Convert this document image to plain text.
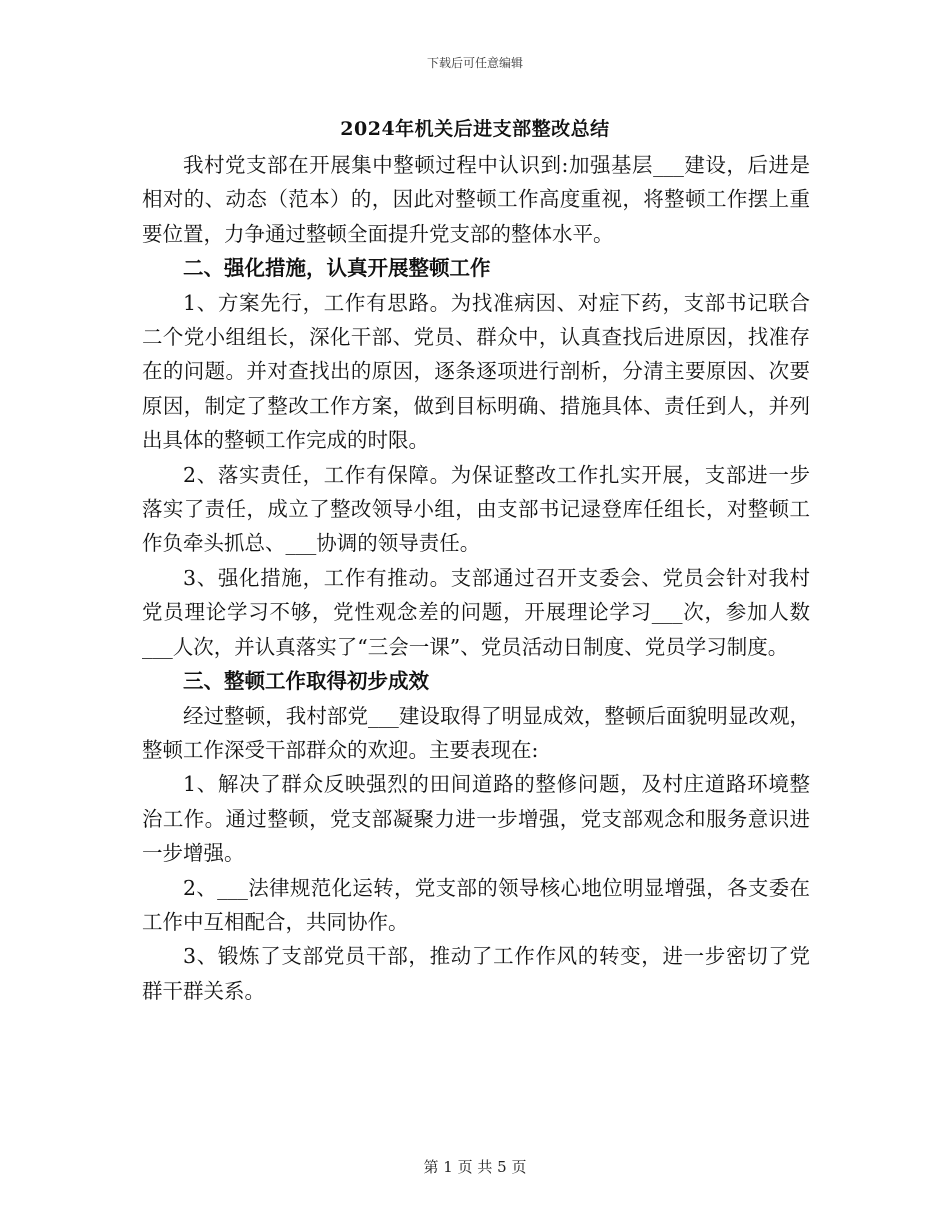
下载后可任意编辑
2024年机关后进支部整改总结

我村党支部在开展集中整顿过程中认识到:加强基层___建设，后进是相对的、动态（范本）的，因此对整顿工作高度重视，将整顿工作摆上重要位置，力争通过整顿全面提升党支部的整体水平。

二、强化措施，认真开展整顿工作

1、方案先行，工作有思路。为找准病因、对症下药，支部书记联合二个党小组组长，深化干部、党员、群众中，认真查找后进原因，找准存在的问题。并对查找出的原因，逐条逐项进行剖析，分清主要原因、次要原因，制定了整改工作方案，做到目标明确、措施具体、责任到人，并列出具体的整顿工作完成的时限。

2、落实责任，工作有保障。为保证整改工作扎实开展，支部进一步落实了责任，成立了整改领导小组，由支部书记逯登库任组长，对整顿工作负牵头抓总、___协调的领导责任。

3、强化措施，工作有推动。支部通过召开支委会、党员会针对我村党员理论学习不够，党性观念差的问题，开展理论学习___次，参加人数___人次，并认真落实了“三会一课”、党员活动日制度、党员学习制度。

三、整顿工作取得初步成效

经过整顿，我村部党___建设取得了明显成效，整顿后面貌明显改观，整顿工作深受干部群众的欢迎。主要表现在:

1、解决了群众反映强烈的田间道路的整修问题，及村庄道路环境整治工作。通过整顿，党支部凝聚力进一步增强，党支部观念和服务意识进一步增强。

2、___法律规范化运转，党支部的领导核心地位明显增强，各支委在工作中互相配合，共同协作。

3、锻炼了支部党员干部，推动了工作作风的转变，进一步密切了党群干群关系。

第 1 页 共 5 页
